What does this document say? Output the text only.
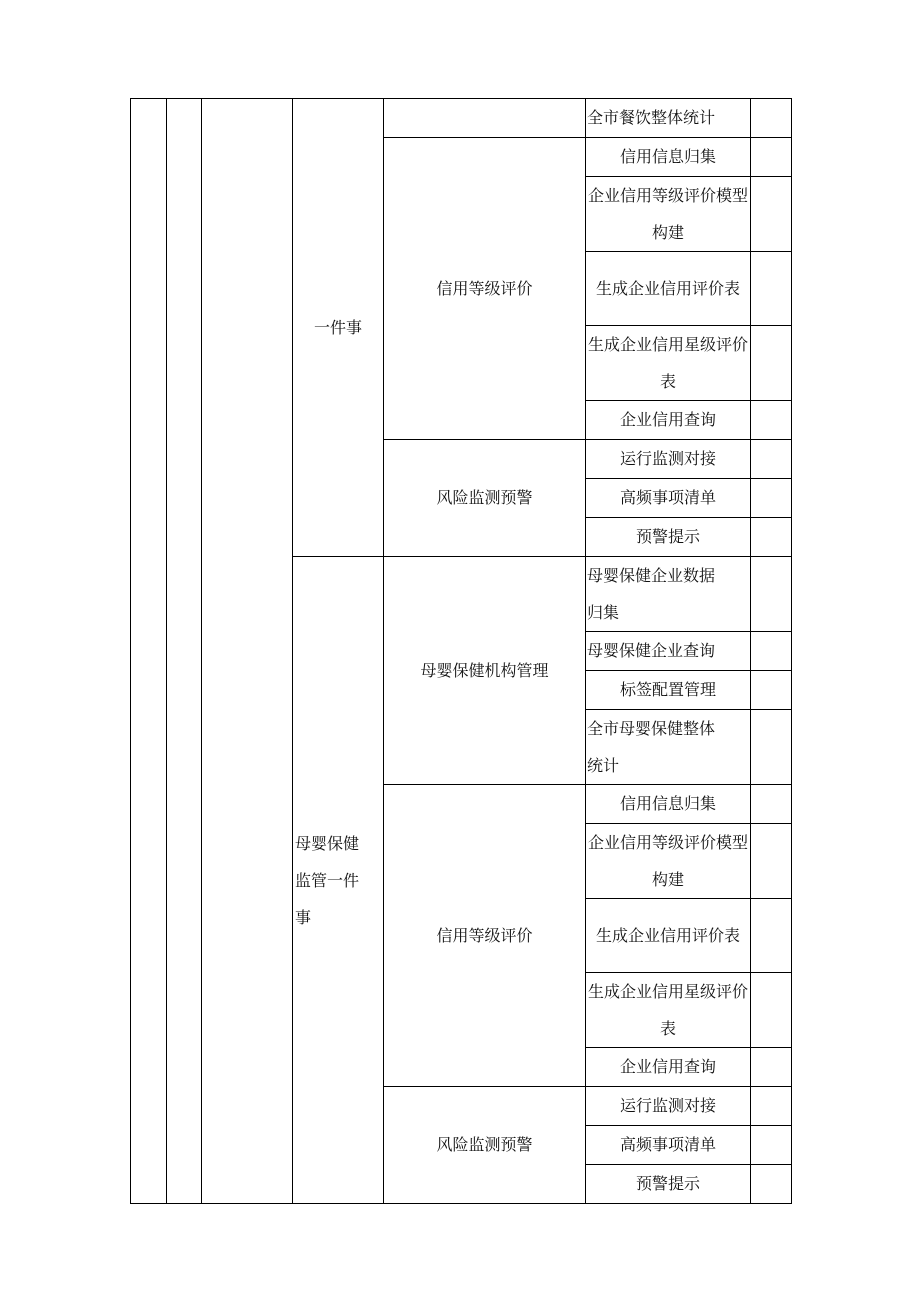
			一件事		全市餐饮整体统计	
				信用等级评价	信用信息归集	

					企业信用等级评价模型构建	

					生成企业信用评价表	

					生成企业信用星级评价表	

					企业信用查询	
				风险监测预警	运行监测对接	
					高频事项清单	
					预警提示	

			母婴保健监管一件事	母婴保健机构管理	母婴保健企业数据归集	

					母婴保健企业查询	
					标签配置管理	

					全市母婴保健整体统计	

				信用等级评价	信用信息归集	

					企业信用等级评价模型构建	

					生成企业信用评价表	

					生成企业信用星级评价表	

					企业信用查询	
				风险监测预警	运行监测对接	
					高频事项清单	
					预警提示	
